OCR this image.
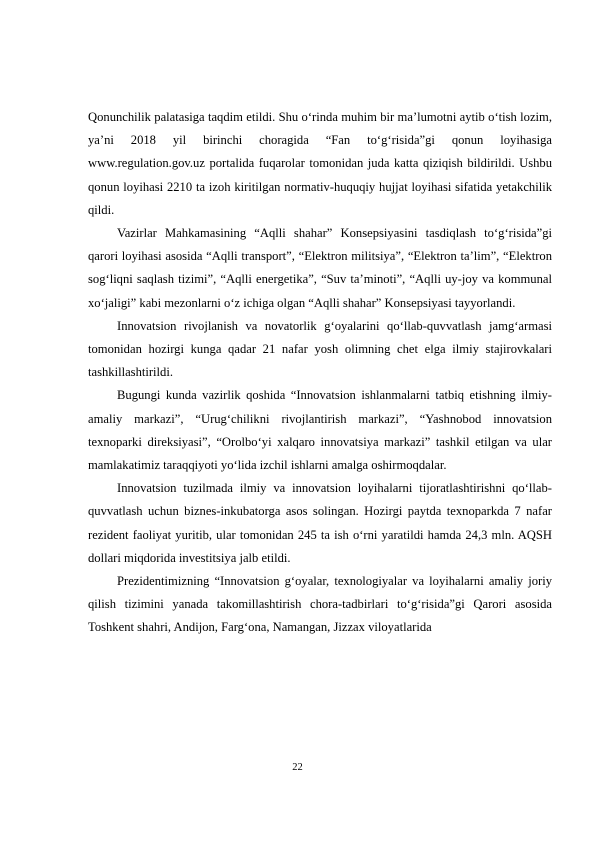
Qonunchilik palatasiga taqdim etildi. Shu o‘rinda muhim bir ma’lumotni aytib o‘tish lozim, ya’ni 2018 yil birinchi choragida “Fan to‘g‘risida”gi qonun loyihasiga www.regulation.gov.uz portalida fuqarolar tomonidan juda katta qiziqish bildirildi. Ushbu qonun loyihasi 2210 ta izoh kiritilgan normativ-huquqiy hujjat loyihasi sifatida yetakchilik qildi.

Vazirlar Mahkamasining “Aqlli shahar” Konsepsiyasini tasdiqlash to‘g‘risida”gi qarori loyihasi asosida “Aqlli transport”, “Elektron militsiya”, “Elektron ta’lim”, “Elektron sog‘liqni saqlash tizimi”, “Aqlli energetika”, “Suv ta’minoti”, “Aqlli uy-joy va kommunal xo‘jaligi” kabi mezonlarni o‘z ichiga olgan “Aqlli shahar” Konsepsiyasi tayyorlandi.

Innovatsion rivojlanish va novatorlik g‘oyalarini qo‘llab-quvvatlash jamg‘armasi tomonidan hozirgi kunga qadar 21 nafar yosh olimning chet elga ilmiy stajirovkalari tashkillashtirildi.

Bugungi kunda vazirlik qoshida “Innovatsion ishlanmalarni tatbiq etishning ilmiy-amaliy markazi”, “Urug‘chilikni rivojlantirish markazi”, “Yashnobod innovatsion texnoparki direksiyasi”, “Orolbo‘yi xalqaro innovatsiya markazi” tashkil etilgan va ular mamlakatimiz taraqqiyoti yo‘lida izchil ishlarni amalga oshirmoqdalar.

Innovatsion tuzilmada ilmiy va innovatsion loyihalarni tijoratlashtirishni qo‘llab-quvvatlash uchun biznes-inkubatorga asos solingan. Hozirgi paytda texnoparkda 7 nafar rezident faoliyat yuritib, ular tomonidan 245 ta ish o‘rni yaratildi hamda 24,3 mln. AQSH dollari miqdorida investitsiya jalb etildi.

Prezidentimizning “Innovatsion g‘oyalar, texnologiyalar va loyihalarni amaliy joriy qilish tizimini yanada takomillashtirish chora-tadbirlari to‘g‘risida”gi Qarori asosida Toshkent shahri, Andijon, Farg‘ona, Namangan, Jizzax viloyatlarida

22
